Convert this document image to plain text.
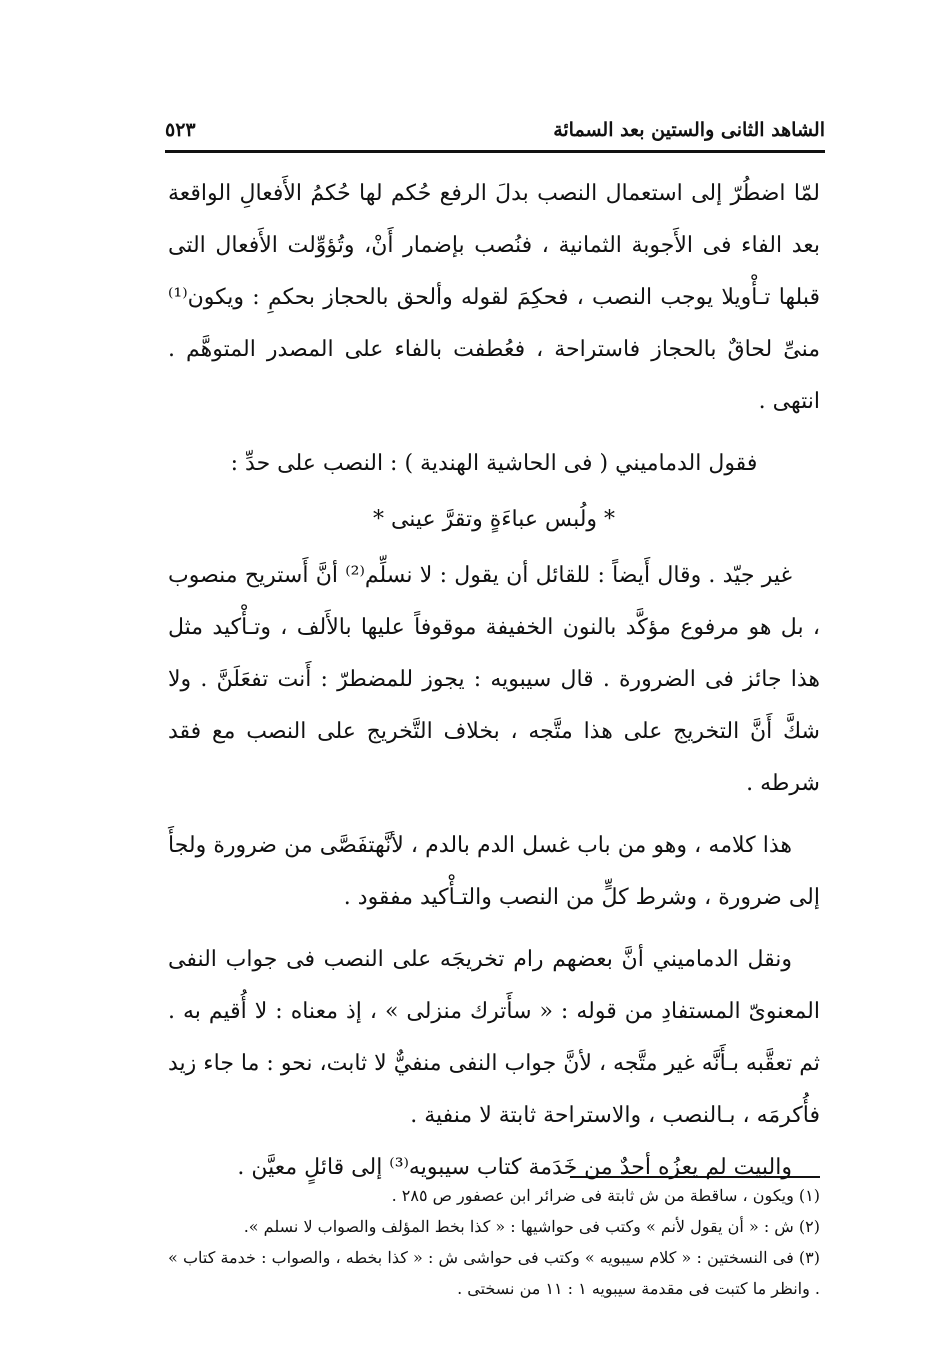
الشاهد الثانى والستين بعد السمائة
٥٢٣

لمّا اضطُرّ إلى استعمال النصب بدلَ الرفع حُكم لها حُكمُ الأَفعالِ الواقعة بعد الفاء فى الأَجوبة الثمانية ، فنُصب بإضمار أَنْ، وتُؤوِّلت الأَفعال التى قبلها تـأْويلا يوجب النصب ، فحكِمَ لقوله وألحق بالحجاز بحكمِ : ويكون⁽¹⁾ منىِّ لحاقٌ بالحجاز فاستراحة ، فعُطفت بالفاء على المصدر المتوهَّم . انتهى .

فقول الدماميني ( فى الحاشية الهندية ) : النصب على حدِّ :

* ولُبس عباءَةٍ وتقرَّ عينى *

غير جيّد . وقال أَيضاً : للقائل أن يقول : لا نسلِّم⁽²⁾ أنَّ أَستريح منصوب ، بل هو مرفوع مؤكَّد بالنون الخفيفة موقوفاً عليها بالأَلف ، وتـأْكيد مثل هذا جائز فى الضرورة . قال سيبويه : يجوز للمضطرّ : أَنت تفعَلَنَّ . ولا شكَّ أَنَّ التخريج على هذا متَّجه ، بخلاف التَّخريج على النصب مع فقد شرطه .

هذا كلامه ، وهو من باب غسل الدم بالدم ، لأنَّهتفَصَّى من ضرورة ولجأَ إلى ضرورة ، وشرط كلٍّ من النصب والتـأْكيد مفقود .

ونقل الدماميني أنَّ بعضهم رام تخريجَه على النصب فى جواب النفى المعنوىّ المستفادِ من قوله : « سأَترك منزلى » ، إذ معناه : لا أُقيم به . ثم تعقَّبه بـأَنَّه غير متَّجه ، لأنَّ جواب النفى منفيٌّ لا ثابت، نحو : ما جاء زيد فأُكرمَه ، بـالنصب ، والاستراحة ثابتة لا منفية .

والبيت لم يعزُه أحدٌ من خَدَمة كتاب سيبويه⁽³⁾ إلى قائلٍ معيَّن .

(١) ويكون ، ساقطة من ش ثابتة فى ضرائر ابن عصفور ص ٢٨٥ .

(٢) ش : « أن يقول لأنم » وكتب فى حواشيها : « كذا بخط المؤلف والصواب لا نسلم ».

(٣) فى النسختين : « كلام سيبويه » وكتب فى حواشى ش : « كذا بخطه ، والصواب : خدمة كتاب » . وانظر ما كتبت فى مقدمة سيبويه ١ : ١١ من نسختى .
